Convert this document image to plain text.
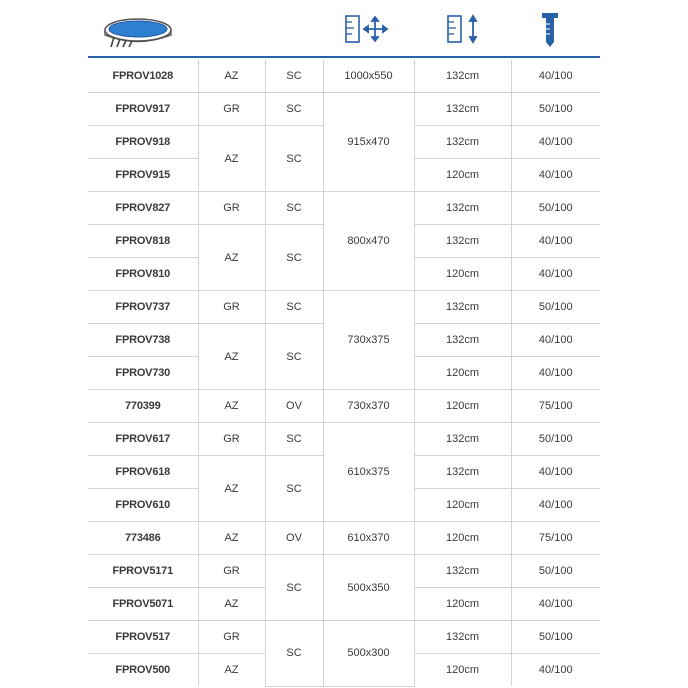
FPROV1028	AZ	SC	1000x550	132cm	40/100
FPROV917	GR	SC	915x470	132cm	50/100
FPROV918	AZ	SC		132cm	40/100
FPROV915				120cm	40/100
FPROV827	GR	SC	800x470	132cm	50/100
FPROV818	AZ	SC		132cm	40/100
FPROV810				120cm	40/100
FPROV737	GR	SC	730x375	132cm	50/100
FPROV738	AZ	SC		132cm	40/100
FPROV730				120cm	40/100
770399	AZ	OV	730x370	120cm	75/100
FPROV617	GR	SC	610x375	132cm	50/100
FPROV618	AZ	SC		132cm	40/100
FPROV610				120cm	40/100
773486	AZ	OV	610x370	120cm	75/100
FPROV5171	GR	SC	500x350	132cm	50/100
FPROV5071	AZ			120cm	40/100
FPROV517	GR	SC	500x300	132cm	50/100
FPROV500	AZ			120cm	40/100
